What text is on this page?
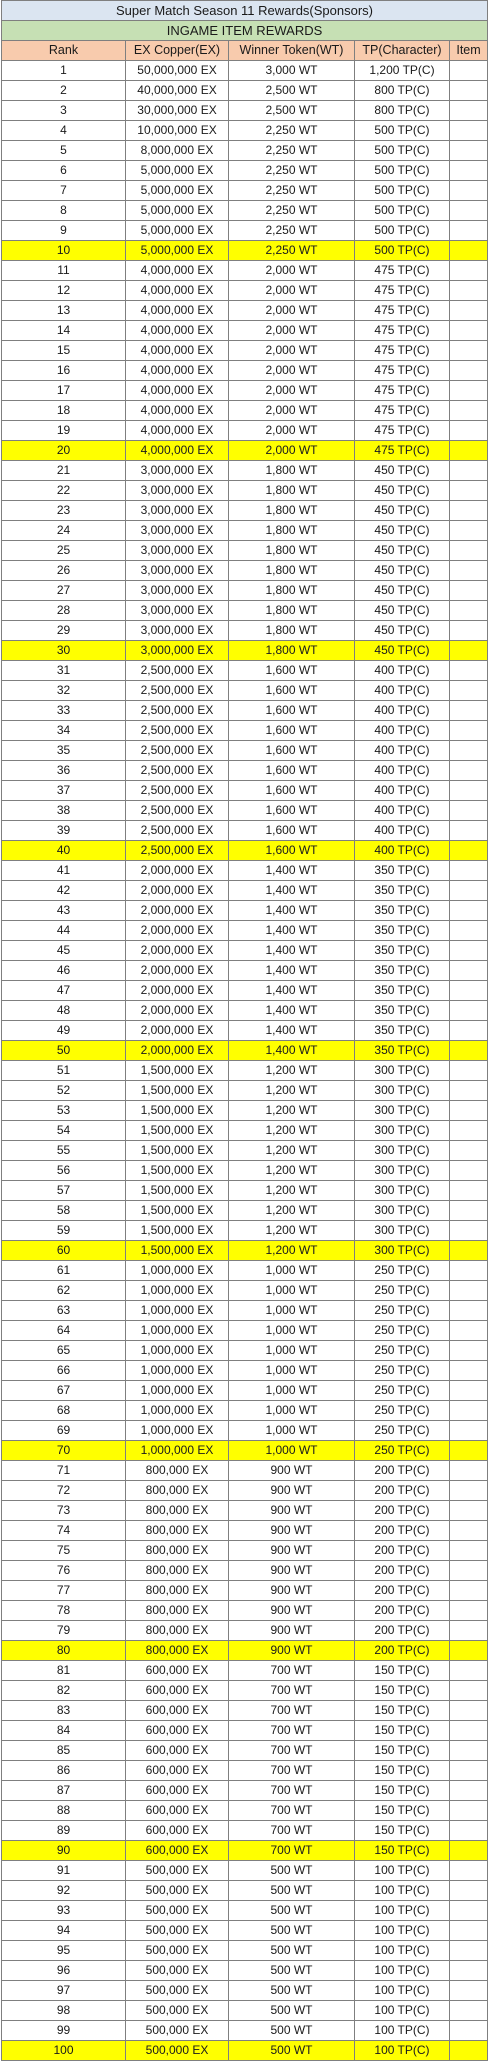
Super Match Season 11 Rewards(Sponsors)				
INGAME ITEM REWARDS				
Rank	EX Copper(EX)	Winner Token(WT)	TP(Character)	Item
1	50,000,000 EX	3,000 WT	1,200 TP(C)	
2	40,000,000 EX	2,500 WT	800 TP(C)	
3	30,000,000 EX	2,500 WT	800 TP(C)	
4	10,000,000 EX	2,250 WT	500 TP(C)	
5	8,000,000 EX	2,250 WT	500 TP(C)	
6	5,000,000 EX	2,250 WT	500 TP(C)	
7	5,000,000 EX	2,250 WT	500 TP(C)	
8	5,000,000 EX	2,250 WT	500 TP(C)	
9	5,000,000 EX	2,250 WT	500 TP(C)	
10	5,000,000 EX	2,250 WT	500 TP(C)	
11	4,000,000 EX	2,000 WT	475 TP(C)	
12	4,000,000 EX	2,000 WT	475 TP(C)	
13	4,000,000 EX	2,000 WT	475 TP(C)	
14	4,000,000 EX	2,000 WT	475 TP(C)	
15	4,000,000 EX	2,000 WT	475 TP(C)	
16	4,000,000 EX	2,000 WT	475 TP(C)	
17	4,000,000 EX	2,000 WT	475 TP(C)	
18	4,000,000 EX	2,000 WT	475 TP(C)	
19	4,000,000 EX	2,000 WT	475 TP(C)	
20	4,000,000 EX	2,000 WT	475 TP(C)	
21	3,000,000 EX	1,800 WT	450 TP(C)	
22	3,000,000 EX	1,800 WT	450 TP(C)	
23	3,000,000 EX	1,800 WT	450 TP(C)	
24	3,000,000 EX	1,800 WT	450 TP(C)	
25	3,000,000 EX	1,800 WT	450 TP(C)	
26	3,000,000 EX	1,800 WT	450 TP(C)	
27	3,000,000 EX	1,800 WT	450 TP(C)	
28	3,000,000 EX	1,800 WT	450 TP(C)	
29	3,000,000 EX	1,800 WT	450 TP(C)	
30	3,000,000 EX	1,800 WT	450 TP(C)	
31	2,500,000 EX	1,600 WT	400 TP(C)	
32	2,500,000 EX	1,600 WT	400 TP(C)	
33	2,500,000 EX	1,600 WT	400 TP(C)	
34	2,500,000 EX	1,600 WT	400 TP(C)	
35	2,500,000 EX	1,600 WT	400 TP(C)	
36	2,500,000 EX	1,600 WT	400 TP(C)	
37	2,500,000 EX	1,600 WT	400 TP(C)	
38	2,500,000 EX	1,600 WT	400 TP(C)	
39	2,500,000 EX	1,600 WT	400 TP(C)	
40	2,500,000 EX	1,600 WT	400 TP(C)	
41	2,000,000 EX	1,400 WT	350 TP(C)	
42	2,000,000 EX	1,400 WT	350 TP(C)	
43	2,000,000 EX	1,400 WT	350 TP(C)	
44	2,000,000 EX	1,400 WT	350 TP(C)	
45	2,000,000 EX	1,400 WT	350 TP(C)	
46	2,000,000 EX	1,400 WT	350 TP(C)	
47	2,000,000 EX	1,400 WT	350 TP(C)	
48	2,000,000 EX	1,400 WT	350 TP(C)	
49	2,000,000 EX	1,400 WT	350 TP(C)	
50	2,000,000 EX	1,400 WT	350 TP(C)	
51	1,500,000 EX	1,200 WT	300 TP(C)	
52	1,500,000 EX	1,200 WT	300 TP(C)	
53	1,500,000 EX	1,200 WT	300 TP(C)	
54	1,500,000 EX	1,200 WT	300 TP(C)	
55	1,500,000 EX	1,200 WT	300 TP(C)	
56	1,500,000 EX	1,200 WT	300 TP(C)	
57	1,500,000 EX	1,200 WT	300 TP(C)	
58	1,500,000 EX	1,200 WT	300 TP(C)	
59	1,500,000 EX	1,200 WT	300 TP(C)	
60	1,500,000 EX	1,200 WT	300 TP(C)	
61	1,000,000 EX	1,000 WT	250 TP(C)	
62	1,000,000 EX	1,000 WT	250 TP(C)	
63	1,000,000 EX	1,000 WT	250 TP(C)	
64	1,000,000 EX	1,000 WT	250 TP(C)	
65	1,000,000 EX	1,000 WT	250 TP(C)	
66	1,000,000 EX	1,000 WT	250 TP(C)	
67	1,000,000 EX	1,000 WT	250 TP(C)	
68	1,000,000 EX	1,000 WT	250 TP(C)	
69	1,000,000 EX	1,000 WT	250 TP(C)	
70	1,000,000 EX	1,000 WT	250 TP(C)	
71	800,000 EX	900 WT	200 TP(C)	
72	800,000 EX	900 WT	200 TP(C)	
73	800,000 EX	900 WT	200 TP(C)	
74	800,000 EX	900 WT	200 TP(C)	
75	800,000 EX	900 WT	200 TP(C)	
76	800,000 EX	900 WT	200 TP(C)	
77	800,000 EX	900 WT	200 TP(C)	
78	800,000 EX	900 WT	200 TP(C)	
79	800,000 EX	900 WT	200 TP(C)	
80	800,000 EX	900 WT	200 TP(C)	
81	600,000 EX	700 WT	150 TP(C)	
82	600,000 EX	700 WT	150 TP(C)	
83	600,000 EX	700 WT	150 TP(C)	
84	600,000 EX	700 WT	150 TP(C)	
85	600,000 EX	700 WT	150 TP(C)	
86	600,000 EX	700 WT	150 TP(C)	
87	600,000 EX	700 WT	150 TP(C)	
88	600,000 EX	700 WT	150 TP(C)	
89	600,000 EX	700 WT	150 TP(C)	
90	600,000 EX	700 WT	150 TP(C)	
91	500,000 EX	500 WT	100 TP(C)	
92	500,000 EX	500 WT	100 TP(C)	
93	500,000 EX	500 WT	100 TP(C)	
94	500,000 EX	500 WT	100 TP(C)	
95	500,000 EX	500 WT	100 TP(C)	
96	500,000 EX	500 WT	100 TP(C)	
97	500,000 EX	500 WT	100 TP(C)	
98	500,000 EX	500 WT	100 TP(C)	
99	500,000 EX	500 WT	100 TP(C)	
100	500,000 EX	500 WT	100 TP(C)	
